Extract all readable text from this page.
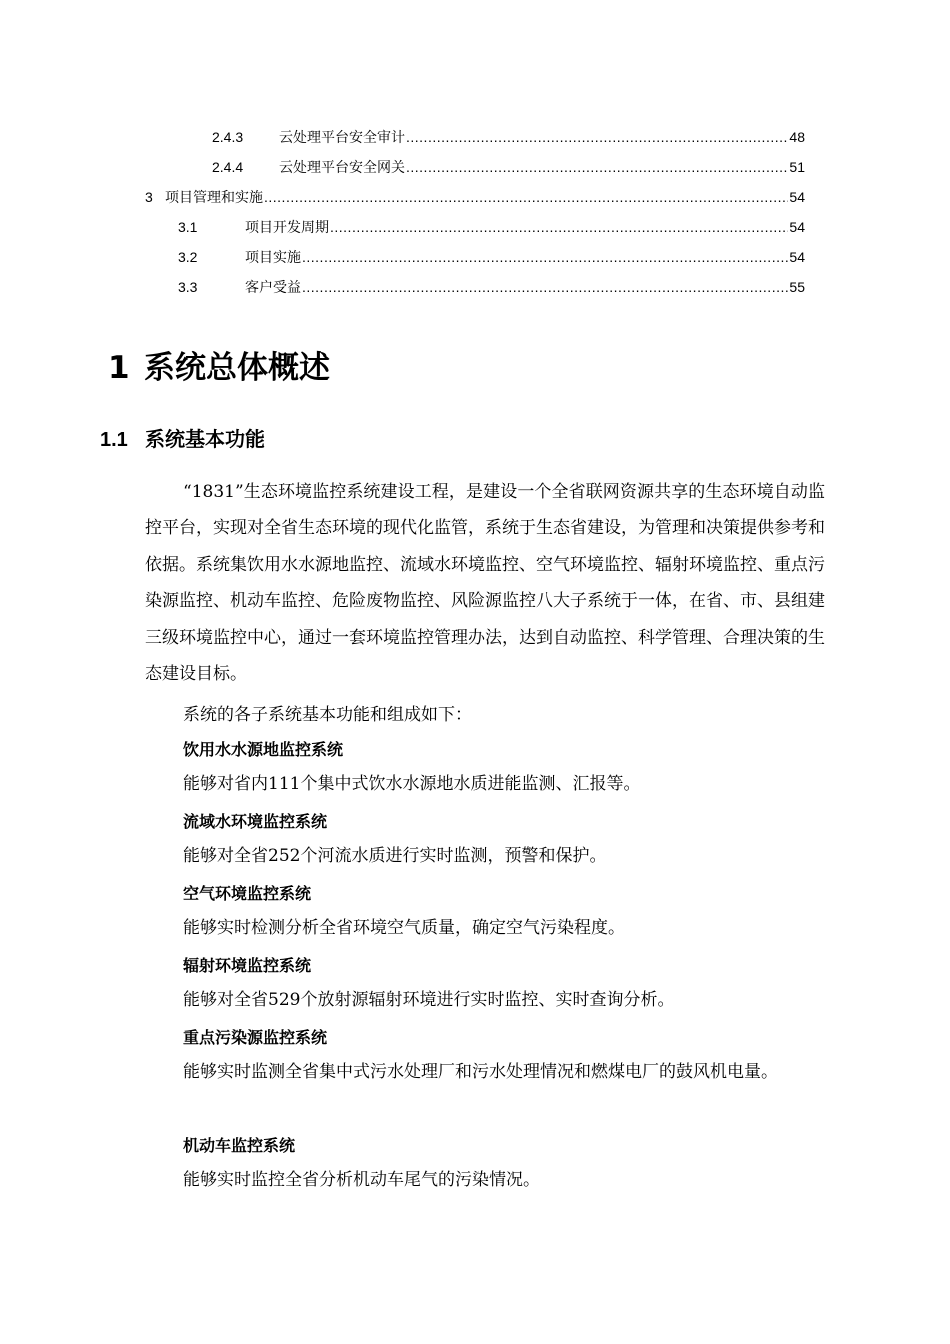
2.4.3	云处理平台安全审计 .....	48
2.4.4	云处理平台安全网关 .....	51
3 项目管理和实施 .....	54
3.1	项目开发周期 .....	54
3.2	项目实施 .....	54
3.3	客户受益 .....	55
1 系统总体概述
1.1 系统基本功能

“1831”生态环境监控系统建设工程，是建设一个全省联网资源共享的生态环境自动监控平台，实现对全省生态环境的现代化监管，系统于生态省建设，为管理和决策提供参考和依据。系统集饮用水水源地监控、流域水环境监控、空气环境监控、辐射环境监控、重点污染源监控、机动车监控、危险废物监控、风险源监控八大子系统于一体，在省、市、县组建三级环境监控中心，通过一套环境监控管理办法，达到自动监控、科学管理、合理决策的生态建设目标。

系统的各子系统基本功能和组成如下：

饮用水水源地监控系统

能够对省内111个集中式饮水水源地水质进能监测、汇报等。

流域水环境监控系统

能够对全省252个河流水质进行实时监测，预警和保护。

空气环境监控系统

能够实时检测分析全省环境空气质量，确定空气污染程度。

辐射环境监控系统

能够对全省529个放射源辐射环境进行实时监控、实时查询分析。

重点污染源监控系统

能够实时监测全省集中式污水处理厂和污水处理情况和燃煤电厂的鼓风机电量。

机动车监控系统

能够实时监控全省分析机动车尾气的污染情况。
